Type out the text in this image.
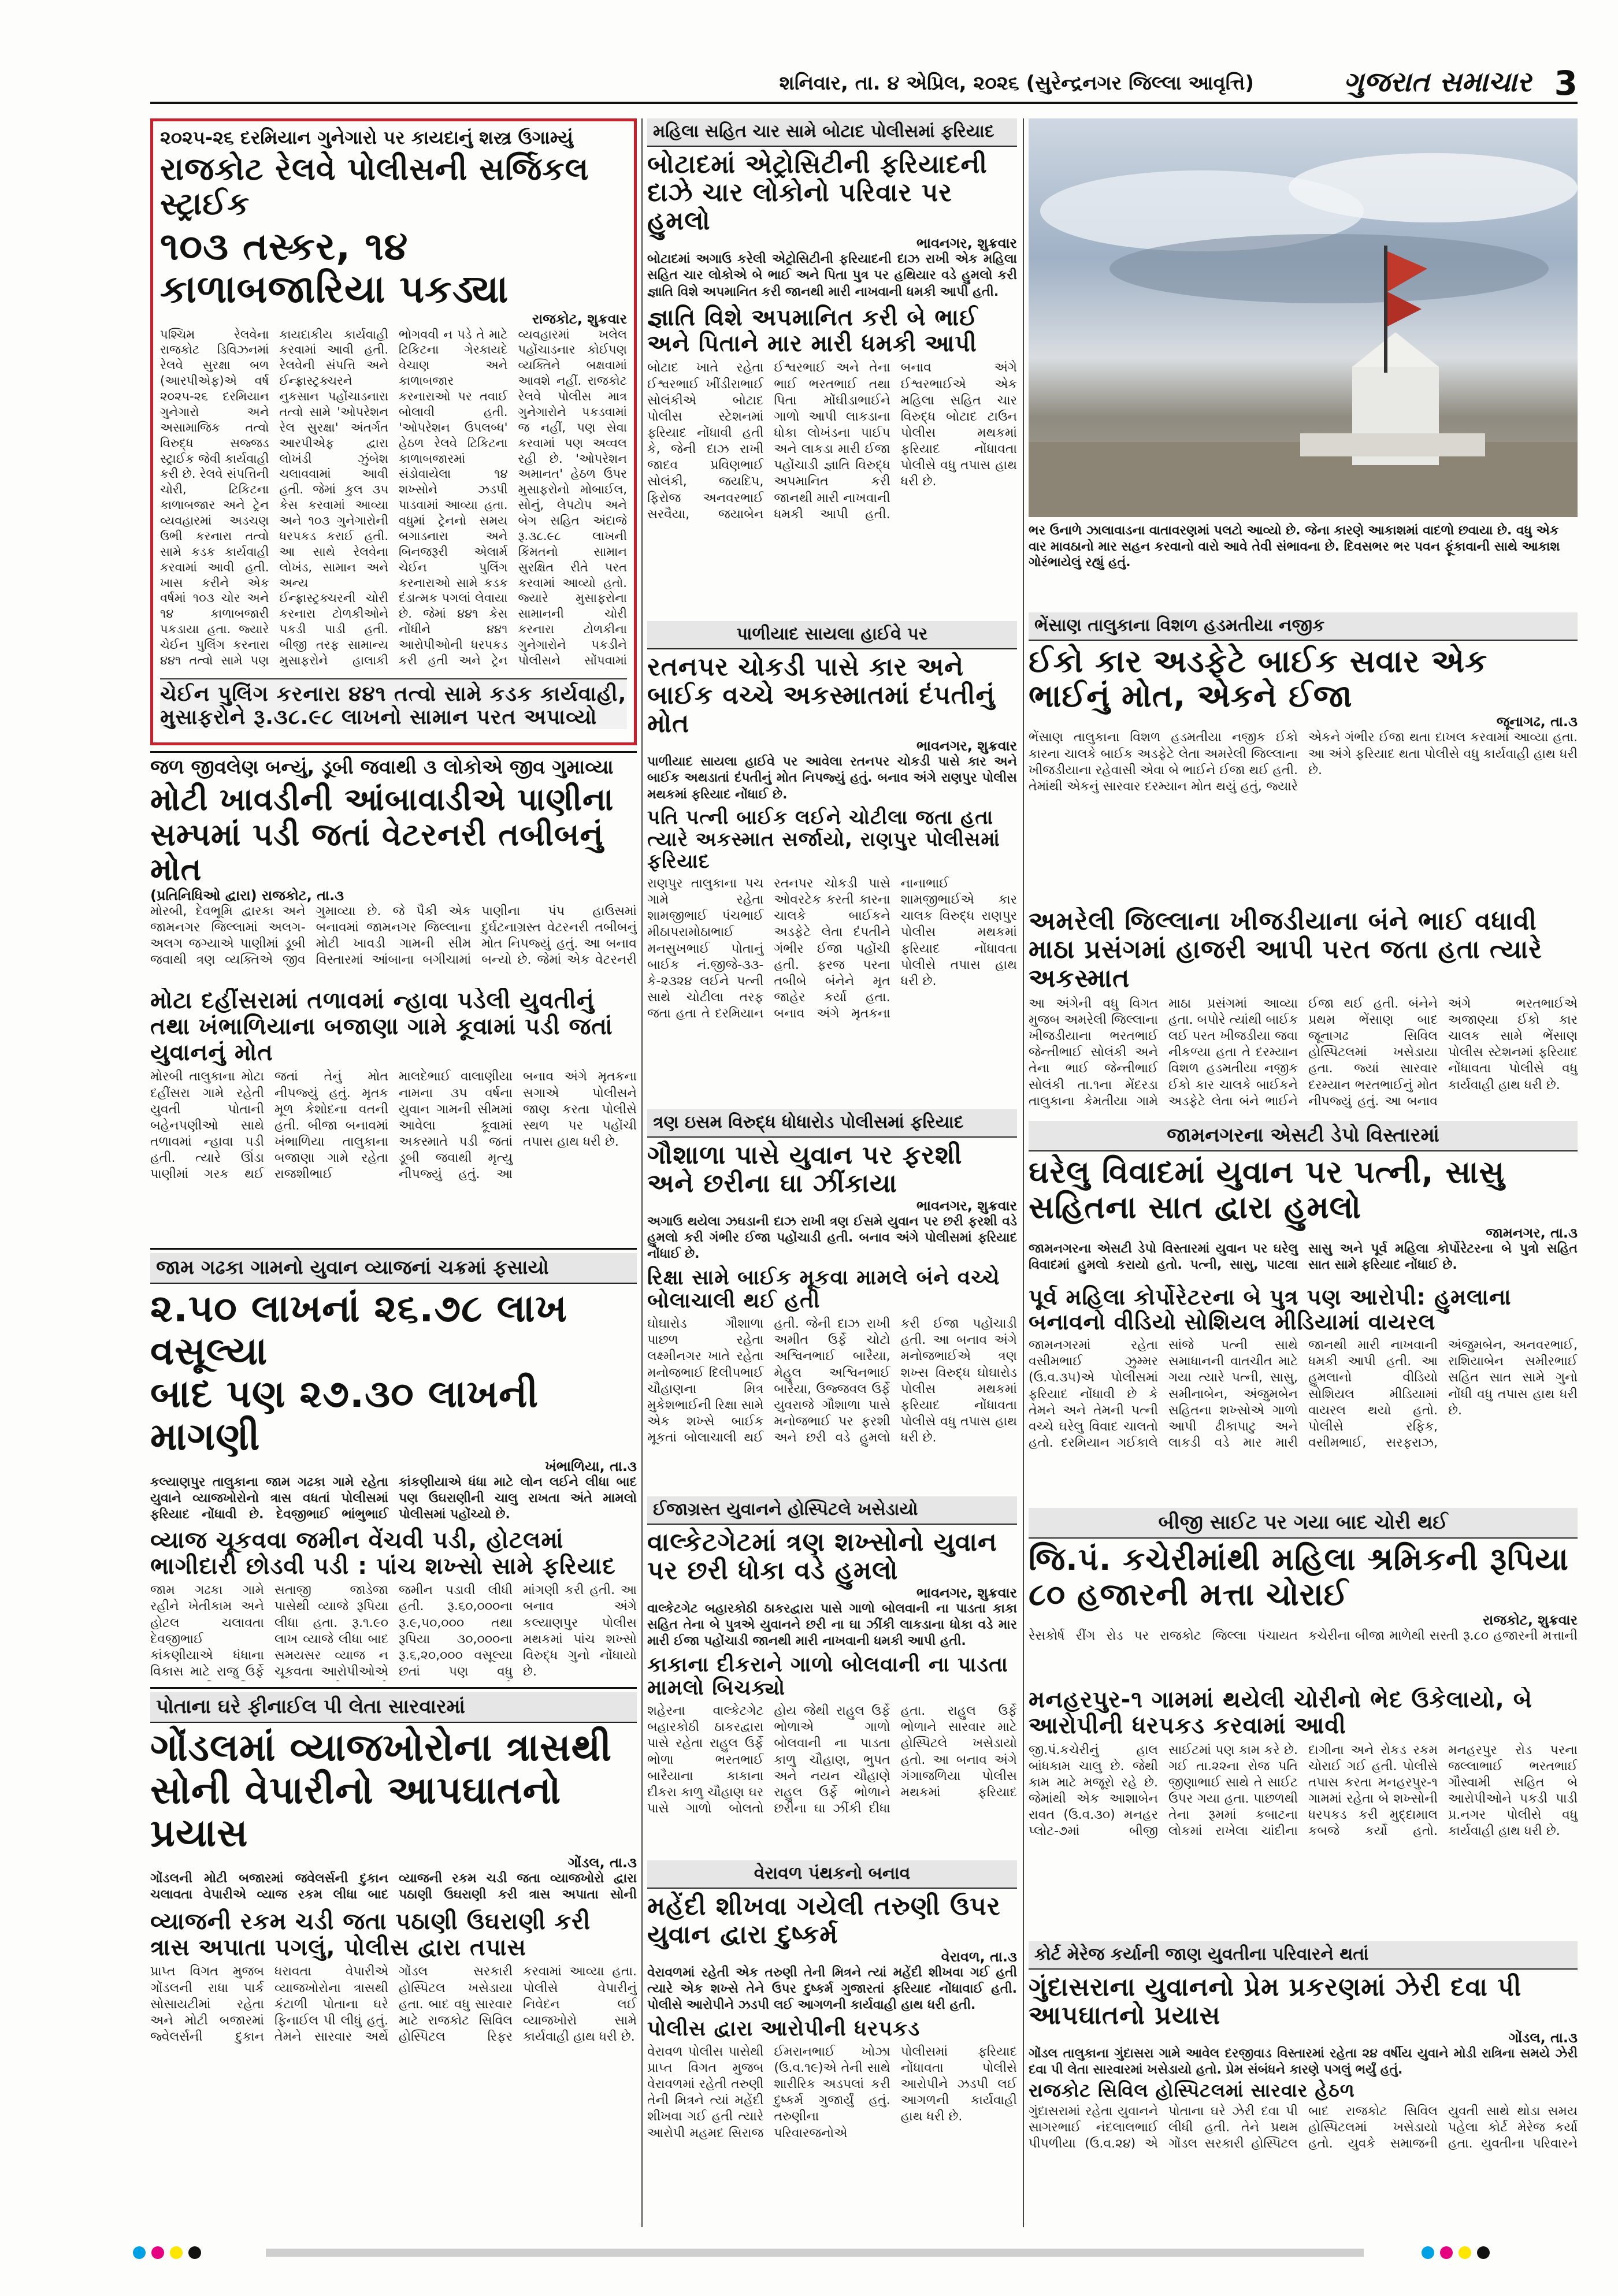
શનિવાર, તા. ૪ એપ્રિલ, ૨૦૨૬ (સુરેન્દ્રનગર જિલ્લા આવૃત્તિ)	ગુજરાત સમાચાર 3
૨૦૨૫-૨૬ દરમિયાન ગુનેગારો પર કાયદાનું શસ્ત્ર ઉગામ્યું
રાજકોટ રેલવે પોલીસની સર્જિકલ સ્ટ્રાઈક
૧૦૩ તસ્કર, ૧૪ કાળાબજારિયા પકડ્યા
રાજકોટ, શુક્રવાર
પશ્ચિમ રેલવેના રાજકોટ ડિવિઝનમાં રેલવે સુરક્ષા બળ (આરપીએફ)એ વર્ષ ૨૦૨૫-૨૬ દરમિયાન ગુનેગારો અને અસામાજિક તત્વો વિરુદ્ધ સજ્જડ સ્ટ્રાઈક જેવી કાર્યવાહી કરી છે. રેલવે સંપત્તિની ચોરી, ટિકિટના કાળાબજાર અને ટ્રેન વ્યવહારમાં અડચણ ઉભી કરનારા તત્વો સામે કડક કાર્યવાહી કરવામાં આવી હતી. ખાસ કરીને એક વર્ષમાં ૧૦૩ ચોર અને ૧૪ કાળાબજારી પકડાયા હતા. જ્યારે ચેઈન પુલિંગ કરનારા ૪૪૧ તત્વો સામે પણ કાયદાકીય કાર્યવાહી કરવામાં આવી હતી. રેલવેની સંપત્તિ અને ઈન્ફ્રાસ્ટ્રક્ચરને નુકસાન પહોંચાડનારા તત્વો સામે 'ઓપરેશન રેલ સુરક્ષા' અંતર્ગત આરપીએફ દ્વારા લોખંડી ઝુંબેશ ચલાવવામાં આવી હતી. જેમાં કુલ ૩૫ કેસ કરવામાં આવ્યા અને ૧૦૩ ગુનેગારોની ધરપકડ કરાઈ હતી. આ સાથે રેલવેના લોખંડ, સામાન અને અન્ય ઈન્ફ્રાસ્ટ્રક્ચરની ચોરી કરનારા ટોળકીઓને પકડી પાડી હતી. બીજી તરફ સામાન્ય મુસાફરોને હાલાકી ભોગવવી ન પડે તે માટે ટિકિટના ગેરકાયદે વેચાણ અને કાળાબજાર કરનારાઓ પર તવાઈ બોલાવી હતી. 'ઓપરેશન ઉપલબ્ધ' હેઠળ રેલવે ટિકિટના કાળાબજારમાં સંડોવાયેલા ૧૪ શખ્સોને ઝડપી પાડવામાં આવ્યા હતા. વધુમાં ટ્રેનનો સમય બગાડનારા અને બિનજરૂરી એલાર્મ ચેઈન પુલિંગ કરનારાઓ સામે કડક દંડાત્મક પગલાં લેવાયા છે. જેમાં ૪૪૧ કેસ નોંધીને ૪૪૧ આરોપીઓની ધરપકડ કરી હતી અને ટ્રેન વ્યવહારમાં ખલેલ પહોંચાડનાર કોઈપણ વ્યક્તિને બક્ષવામાં આવશે નહીં. રાજકોટ રેલવે પોલીસ માત્ર ગુનેગારોને પકડવામાં જ નહીં, પણ સેવા કરવામાં પણ અવ્વલ રહી છે. 'ઓપરેશન અમાનત' હેઠળ ઉપર મુસાફરોનો મોબાઈલ, સોનું, લેપટોપ અને બેગ સહિત અંદાજે રૂ.૩૮.૯૮ લાખની કિંમતનો સામાન સુરક્ષિત રીતે પરત કરવામાં આવ્યો હતો. જ્યારે મુસાફરોના સામાનની ચોરી કરનારા ટોળકીના ગુનેગારોને પકડીને પોલીસને સોંપવામાં
ચેઈન પુલિંગ કરનારા ૪૪૧ તત્વો સામે કડક કાર્યવાહી, મુસાફરોને રૂ.૩૮.૯૮ લાખનો સામાન પરત અપાવ્યો
મહિલા સહિત ચાર સામે બોટાદ પોલીસમાં ફરિયાદ
બોટાદમાં એટ્રોસિટીની ફરિયાદની દાઝે ચાર લોકોનો પરિવાર પર હુમલો
ભાવનગર, શુક્રવાર
બોટાદમાં અગાઉ કરેલી એટ્રોસિટીની ફરિયાદની દાઝ રાખી એક મહિલા સહિત ચાર લોકોએ બે ભાઈ અને પિતા પુત્ર પર હથિયાર વડે હુમલો કરી જ્ઞાતિ વિશે અપમાનિત કરી જાનથી મારી નાખવાની ધમકી આપી હતી.
જ્ઞાતિ વિશે અપમાનિત કરી બે ભાઈ અને પિતાને માર મારી ધમકી આપી
બોટાદ ખાતે રહેતા ઈશ્વરભાઈ ખીંડીરાભાઈ સોલંકીએ બોટાદ પોલીસ સ્ટેશનમાં ફરિયાદ નોંધાવી હતી કે, જેની દાઝ રાખી જાદવ પ્રવિણભાઈ સોલંકી, જયદિપ, ફિરોજ અનવરભાઈ સરવૈયા, જયાબેન ઈશ્વરભાઈ અને તેના ભાઈ ભરતભાઈ તથા પિતા મોંઘીડાભાઈને ગાળો આપી લાકડાના ધોકા લોખંડના પાઈપ અને લાકડા મારી ઈજા પહોંચાડી જ્ઞાતિ વિરુદ્ધ અપમાનિત કરી જાનથી મારી નાખવાની ધમકી આપી હતી. બનાવ અંગે ઈશ્વરભાઈએ એક મહિલા સહિત ચાર વિરુદ્ધ બોટાદ ટાઉન પોલીસ મથકમાં ફરિયાદ નોંધાવતા પોલીસે વધુ તપાસ હાથ ધરી છે.
ભર ઉનાળે ઝાલાવાડના વાતાવરણમાં પલટો આવ્યો છે. જેના કારણે આકાશમાં વાદળો છવાયા છે. વધુ એક વાર માવઠાનો માર સહન કરવાનો વારો આવે તેવી સંભાવના છે. દિવસભર ભર પવન ફૂંકાવાની સાથે આકાશ ગોરંભાયેલું રહ્યું હતું.
પાળીયાદ સાયલા હાઈવે પર
રતનપર ચોકડી પાસે કાર અને બાઈક વચ્ચે અકસ્માતમાં દંપતીનું મોત
ભાવનગર, શુક્રવાર
પાળીયાદ સાયલા હાઈવે પર આવેલા રતનપર ચોકડી પાસે કાર અને બાઈક અથડાતાં દંપતીનું મોત નિપજ્યું હતું. બનાવ અંગે રાણપુર પોલીસ મથકમાં ફરિયાદ નોંધાઈ છે.
પતિ પત્ની બાઈક લઈને ચોટીલા જતા હતા ત્યારે અકસ્માત સર્જાયો, રાણપુર પોલીસમાં ફરિયાદ
રાણપુર તાલુકાના પચ ગામે રહેતા શામજીભાઈ પંચભાઈ મીઠાપરામોઠાભાઈ મનસુખભાઈ પોતાનું બાઈક નં.જીજે-૩૩-કે-૨૩૨૪ લઈને પત્ની સાથે ચોટીલા તરફ જતા હતા તે દરમિયાન રતનપર ચોકડી પાસે ઓવરટેક કરતી કારના ચાલકે બાઈકને અડફેટે લેતા દંપતીને ગંભીર ઈજા પહોંચી હતી. ફરજ પરના તબીબે બંનેને મૃત જાહેર કર્યા હતા. બનાવ અંગે મૃતકના નાનાભાઈ શામજીભાઈએ કાર ચાલક વિરુદ્ધ રાણપુર પોલીસ મથકમાં ફરિયાદ નોંધાવતા પોલીસે તપાસ હાથ ધરી છે.
ભેંસાણ તાલુકાના વિશળ હડમતીયા નજીક
ઈકો કાર અડફેટે બાઈક સવાર એક ભાઈનું મોત, એકને ઈજા
જૂનાગઢ, તા.૩
ભેંસાણ તાલુકાના વિશળ હડમતીયા નજીક ઈકો કારના ચાલકે બાઈક અડફેટે લેતા અમરેલી જિલ્લાના ખીજડીયાના રહેવાસી એવા બે ભાઈને ઈજા થઈ હતી. તેમાંથી એકનું સારવાર દરમ્યાન મોત થયું હતું, જ્યારે એકને ગંભીર ઈજા થતા દાખલ કરવામાં આવ્યા હતા. આ અંગે ફરિયાદ થતા પોલીસે વધુ કાર્યવાહી હાથ ધરી છે.
અમરેલી જિલ્લાના ખીજડીયાના બંને ભાઈ વધાવી માઠા પ્રસંગમાં હાજરી આપી પરત જતા હતા ત્યારે અકસ્માત
આ અંગેની વધુ વિગત મુજબ અમરેલી જિલ્લાના ખીજડીયાના ભરતભાઈ જેન્તીભાઈ સોલંકી અને તેના ભાઈ જેન્તીભાઈ સોલંકી તા.૧ના મેંદરડા તાલુકાના કેમતીયા ગામે માઠા પ્રસંગમાં આવ્યા હતા. બપોરે ત્યાંથી બાઈક લઈ પરત ખીજડીયા જવા નીકળ્યા હતા તે દરમ્યાન વિશળ હડમતીયા નજીક ઈકો કાર ચાલકે બાઈકને અડફેટે લેતા બંને ભાઈને ઈજા થઈ હતી. બંનેને પ્રથમ ભેંસાણ બાદ જૂનાગઢ સિવિલ હોસ્પિટલમાં ખસેડાયા હતા. જ્યાં સારવાર દરમ્યાન ભરતભાઈનું મોત નીપજ્યું હતું. આ બનાવ અંગે ભરતભાઈએ અજાણ્યા ઈકો કાર ચાલક સામે ભેંસાણ પોલીસ સ્ટેશનમાં ફરિયાદ નોંધાવતા પોલીસે વધુ કાર્યવાહી હાથ ધરી છે.
જળ જીવલેણ બન્યું, ડૂબી જવાથી ૩ લોકોએ જીવ ગુમાવ્યા
મોટી ખાવડીની આંબાવાડીએ પાણીના સમ્પમાં પડી જતાં વેટરનરી તબીબનું મોત
(પ્રતિનિધિઓ દ્વારા) રાજકોટ, તા.૩
મોરબી, દેવભૂમિ દ્વારકા અને જામનગર જિલ્લામાં અલગ-અલગ જગ્યાએ પાણીમાં ડૂબી જવાથી ત્રણ વ્યક્તિએ જીવ ગુમાવ્યા છે. જે પૈકી એક બનાવમાં જામનગર જિલ્લાના મોટી ખાવડી ગામની સીમ વિસ્તારમાં આંબાના બગીચામાં પાણીના પંપ હાઉસમાં દુર્ઘટનાગ્રસ્ત વેટરનરી તબીબનું મોત નિપજ્યું હતું. આ બનાવ બન્યો છે. જેમાં એક વેટરનરી
મોટા દહીંસરામાં તળાવમાં ન્હાવા પડેલી યુવતીનું તથા ખંભાળિયાના બજાણા ગામે કૂવામાં પડી જતાં યુવાનનું મોત
મોરબી તાલુકાના મોટા દહીંસરા ગામે રહેતી યુવતી પોતાની બહેનપણીઓ સાથે તળાવમાં ન્હાવા પડી હતી. ત્યારે ઊંડા પાણીમાં ગરક થઈ જતાં તેનું મોત નીપજ્યું હતું. મૃતક મૂળ કેશોદના વતની હતી. બીજા બનાવમાં ખંભાળિયા તાલુકાના બજાણા ગામે રહેતા રાજશીભાઈ માલદેભાઈ વાલાણીયા નામના ૩૫ વર્ષના યુવાન ગામની સીમમાં આવેલા કૂવામાં અકસ્માતે પડી જતાં ડૂબી જવાથી મૃત્યુ નીપજ્યું હતું. આ બનાવ અંગે મૃતકના સગાએ પોલીસને જાણ કરતા પોલીસે સ્થળ પર પહોંચી તપાસ હાથ ધરી છે.
ત્રણ ઇસમ વિરુદ્ધ ધોધારોડ પોલીસમાં ફરિયાદ
ગૌશાળા પાસે યુવાન પર ફરશી અને છરીના ઘા ઝીંકાયા
ભાવનગર, શુક્રવાર
અગાઉ થયેલા ઝઘડાની દાઝ રાખી ત્રણ ઈસમે યુવાન પર છરી ફરશી વડે હુમલો કરી ગંભીર ઈજા પહોંચાડી હતી. બનાવ અંગે પોલીસમાં ફરિયાદ નોંધાઈ છે.
રિક્ષા સામે બાઈક મૂકવા મામલે બંને વચ્ચે બોલાચાલી થઈ હતી
ઘોઘારોડ ગૌશાળા પાછળ રહેતા લક્ષ્મીનગર ખાતે રહેતા મનોજભાઈ દિલીપભાઈ ચૌહાણના મિત્ર મુકેશભાઈની રિક્ષા સામે એક શખ્સે બાઈક મૂકતાં બોલાચાલી થઈ હતી. જેની દાઝ રાખી અમીત ઉર્ફે ચોટો અશ્વિનભાઈ બારૈયા, મેહુલ અશ્વિનભાઈ બારૈયા, ઉજ્જવલ ઉર્ફે યુવરાજે ગૌશાળા પાસે મનોજભાઈ પર ફરશી અને છરી વડે હુમલો કરી ઈજા પહોંચાડી હતી. આ બનાવ અંગે મનોજભાઈએ ત્રણ શખ્સ વિરુદ્ધ ઘોઘારોડ પોલીસ મથકમાં ફરિયાદ નોંધાવતા પોલીસે વધુ તપાસ હાથ ધરી છે.
જામનગરના એસટી ડેપો વિસ્તારમાં
ઘરેલુ વિવાદમાં યુવાન પર પત્ની, સાસુ સહિતના સાત દ્વારા હુમલો
જામનગર, તા.૩
જામનગરના એસટી ડેપો વિસ્તારમાં યુવાન પર ઘરેલુ વિવાદમાં હુમલો કરાયો હતો. પત્ની, સાસુ, પાટલા સાસુ અને પૂર્વ મહિલા કોર્પોરેટરના બે પુત્રો સહિત સાત સામે ફરિયાદ નોંધાઈ છે.
પૂર્વ મહિલા કોર્પોરેટરના બે પુત્ર પણ આરોપી: હુમલાના બનાવનો વીડિયો સોશિયલ મીડિયામાં વાયરલ
જામનગરમાં રહેતા વસીમભાઈ ઝુમ્મર (ઉ.વ.૩૫)એ પોલીસમાં ફરિયાદ નોંધાવી છે કે તેમને અને તેમની પત્ની વચ્ચે ઘરેલુ વિવાદ ચાલતો હતો. દરમિયાન ગઈકાલે સાંજે પત્ની સાથે સમાધાનની વાતચીત માટે ગયા ત્યારે પત્ની, સાસુ, સમીનાબેન, અંજુમબેન સહિતના શખ્સોએ ગાળો આપી ઢીકાપાટુ અને લાકડી વડે માર મારી જાનથી મારી નાખવાની ધમકી આપી હતી. આ હુમલાનો વીડિયો સોશિયલ મીડિયામાં વાયરલ થયો હતો. પોલીસે રફિક, વસીમભાઈ, સરફરાઝ, અંજુમબેન, અનવરભાઈ, રાશિયાબેન સમીરભાઈ સહિત સાત સામે ગુનો નોંધી વધુ તપાસ હાથ ધરી છે.
જામ ગઢકા ગામનો યુવાન વ્યાજનાં ચક્રમાં ફસાયો
૨.૫૦ લાખનાં ૨૬.૭૮ લાખ વસૂલ્યા
બાદ પણ ૨૭.૩૦ લાખની માગણી
ખંભાળિયા, તા.૩
કલ્યાણપુર તાલુકાના જામ ગઢકા ગામે રહેતા યુવાને વ્યાજખોરોનો ત્રાસ વધતાં પોલીસમાં ફરિયાદ નોંધાવી છે. દેવજીભાઈ ભાંભુભાઈ કાંકણીયાએ ધંધા માટે લોન લઈને લીધા બાદ પણ ઉઘરાણીની ચાલુ રાખતા અંતે મામલો પોલીસમાં પહોંચ્યો છે.
વ્યાજ ચૂકવવા જમીન વેંચવી પડી, હોટલમાં ભાગીદારી છોડવી પડી : પાંચ શખ્સો સામે ફરિયાદ
જામ ગઢકા ગામે રહીને ખેતીકામ અને હોટલ ચલાવતા દેવજીભાઈ કાંકણીયાએ ધંધાના વિકાસ માટે રાજુ ઉર્ફે સતાજી જાડેજા પાસેથી વ્યાજે રૂપિયા લીધા હતા. રૂ.૧.૯૦ લાખ વ્યાજે લીધા બાદ સમયસર વ્યાજ ન ચૂકવતા આરોપીઓએ જમીન પડાવી લીધી હતી. રૂ.૬૦,૦૦૦ના રૂ.૯,૫૦,૦૦૦ તથા રૂપિયા ૩૦,૦૦૦ના રૂ.૬,૨૦,૦૦૦ વસૂલ્યા છતાં પણ વધુ માંગણી કરી હતી. આ બનાવ અંગે કલ્યાણપુર પોલીસ મથકમાં પાંચ શખ્સો વિરુદ્ધ ગુનો નોંધાયો છે.
ઈજાગ્રસ્ત યુવાનને હોસ્પિટલે ખસેડાયો
વાલ્કેટગેટમાં ત્રણ શખ્સોનો યુવાન પર છરી ધોકા વડે હુમલો
ભાવનગર, શુક્રવાર
વાલ્કેટગેટ બહારકોઠી ઠાકરદ્વારા પાસે ગાળો બોલવાની ના પાડતા કાકા સહિત તેના બે પુત્રએ યુવાનને છરી ના ઘા ઝીંકી લાકડાના ધોકા વડે માર મારી ઈજા પહોંચાડી જાનથી મારી નાખવાની ધમકી આપી હતી.
કાકાના દીકરાને ગાળો બોલવાની ના પાડતા મામલો બિચક્યો
શહેરના વાલ્કેટગેટ બહારકોઠી ઠાકરદ્વારા પાસે રહેતા રાહુલ ઉર્ફે ભોળા ભરતભાઈ બારૈયાના કાકાના દીકરા કાળુ ચૌહાણ ઘર પાસે ગાળો બોલતો હોય જેથી રાહુલ ઉર્ફે ભોળાએ ગાળો બોલવાની ના પાડતા કાળુ ચૌહાણ, ભુપત અને નયન ચૌહાણે રાહુલ ઉર્ફે ભોળાને છરીના ઘા ઝીંકી દીધા હતા. રાહુલ ઉર્ફે ભોળાને સારવાર માટે હોસ્પિટલે ખસેડાયો હતો. આ બનાવ અંગે ગંગાજળિયા પોલીસ મથકમાં ફરિયાદ
બીજી સાઈટ પર ગયા બાદ ચોરી થઈ
જિ.પં. કચેરીમાંથી મહિલા શ્રમિકની રૂપિયા ૮૦ હજારની મત્તા ચોરાઈ
રાજકોટ, શુક્રવાર
રેસકોર્ષ રીંગ રોડ પર રાજકોટ જિલ્લા પંચાયત કચેરીના બીજા માળેથી સસ્તી રૂ.૮૦ હજારની મત્તાની
મનહરપુર-૧ ગામમાં થયેલી ચોરીનો ભેદ ઉકેલાયો, બે આરોપીની ધરપકડ કરવામાં આવી
જી.પં.કચેરીનું હાલ બાંધકામ ચાલુ છે. જેથી કામ માટે મજૂરો રહે છે. જેમાંથી એક આશાબેન રાવત (ઉ.વ.૩૦) મનહર પ્લોટ-૭માં બીજી સાઈટમાં પણ કામ કરે છે. ગઈ તા.૨૨ના રોજ પતિ જીણાભાઈ સાથે તે સાઈટ ઉપર ગયા હતા. પાછળથી તેના રૂમમાં કબાટના લોકમાં રાખેલા ચાંદીના દાગીના અને રોકડ રકમ ચોરાઈ ગઈ હતી. પોલીસે તપાસ કરતા મનહરપુર-૧ ગામમાં રહેતા બે શખ્સોની ધરપકડ કરી મુદ્દામાલ કબજે કર્યો હતો. મનહરપુર રોડ પરના જલ્લાભાઈ ભરતભાઈ ગૌસ્વામી સહિત બે આરોપીઓને પકડી પાડી પ્ર.નગર પોલીસે વધુ કાર્યવાહી હાથ ધરી છે.
કોર્ટ મેરેજ કર્યાની જાણ યુવતીના પરિવારને થતાં
ગુંદાસરાના યુવાનનો પ્રેમ પ્રકરણમાં ઝેરી દવા પી આપઘાતનો પ્રયાસ
ગોંડલ, તા.૩
ગોંડલ તાલુકાના ગુંદાસરા ગામે આવેલ દરજીવાડ વિસ્તારમાં રહેતા ૨૪ વર્ષીય યુવાને મોડી રાત્રિના સમયે ઝેરી દવા પી લેતા સારવારમાં ખસેડાયો હતો. પ્રેમ સંબંધને કારણે પગલું ભર્યું હતું.
રાજકોટ સિવિલ હોસ્પિટલમાં સારવાર હેઠળ
ગુંદાસરામાં રહેતા યુવાનને સાગરભાઈ નંદલાલભાઈ પીપળીયા (ઉ.વ.૨૪) એ પોતાના ઘરે ઝેરી દવા પી લીધી હતી. તેને પ્રથમ ગોંડલ સરકારી હોસ્પિટલ બાદ રાજકોટ સિવિલ હોસ્પિટલમાં ખસેડાયો હતો. યુવકે સમાજની યુવતી સાથે થોડા સમય પહેલા કોર્ટ મેરેજ કર્યા હતા. યુવતીના પરિવારને
પોતાના ઘરે ફીનાઈલ પી લેતા સારવારમાં
ગોંડલમાં વ્યાજખોરોના ત્રાસથી સોની વેપારીનો આપઘાતનો પ્રયાસ
ગોંડલ, તા.૩
ગોંડલની મોટી બજારમાં જવેલર્સની દુકાન ચલાવતા વેપારીએ વ્યાજ રકમ લીધા બાદ વ્યાજની રકમ ચડી જતા વ્યાજખોરો દ્વારા પઠાણી ઉઘરાણી કરી ત્રાસ અપાતા સોની
વ્યાજની રકમ ચડી જતા પઠાણી ઉઘરાણી કરી ત્રાસ અપાતા પગલું, પોલીસ દ્વારા તપાસ
પ્રાપ્ત વિગત મુજબ ગોંડલની રાધા પાર્ક સોસાયટીમાં રહેતા અને મોટી બજારમાં જ્વેલર્સની દુકાન ધરાવતા વેપારીએ વ્યાજખોરોના ત્રાસથી કંટાળી પોતાના ઘરે ફિનાઈલ પી લીધું હતું. તેમને સારવાર અર્થે ગોંડલ સરકારી હોસ્પિટલ ખસેડાયા હતા. બાદ વધુ સારવાર માટે રાજકોટ સિવિલ હોસ્પિટલ રિફર કરવામાં આવ્યા હતા. પોલીસે વેપારીનું નિવેદન લઈ વ્યાજખોરો સામે કાર્યવાહી હાથ ધરી છે.
વેરાવળ પંથકનો બનાવ
મહેંદી શીખવા ગયેલી તરુણી ઉપર યુવાન દ્વારા દુષ્કર્મ
વેરાવળ, તા.૩
વેરાવળમાં રહેતી એક તરુણી તેની મિત્રને ત્યાં મહેંદી શીખવા ગઈ હતી ત્યારે એક શખ્સે તેને ઉપર દુષ્કર્મ ગુજારતાં ફરિયાદ નોંધાવાઈ હતી. પોલીસે આરોપીને ઝડપી લઈ આગળની કાર્યવાહી હાથ ધરી હતી.
પોલીસ દ્વારા આરોપીની ધરપકડ
વેરાવળ પોલીસ પાસેથી પ્રાપ્ત વિગત મુજબ વેરાવળમાં રહેતી તરુણી તેની મિત્રને ત્યાં મહેંદી શીખવા ગઈ હતી ત્યારે આરોપી મહમદ સિરાજ ઈમરાનભાઈ ખોઝા (ઉ.વ.૧૯)એ તેની સાથે શારીરિક અડપલાં કરી દુષ્કર્મ ગુજાર્યું હતું. તરુણીના પરિવારજનોએ પોલીસમાં ફરિયાદ નોંધાવતા પોલીસે આરોપીને ઝડપી લઈ આગળની કાર્યવાહી હાથ ધરી છે.
